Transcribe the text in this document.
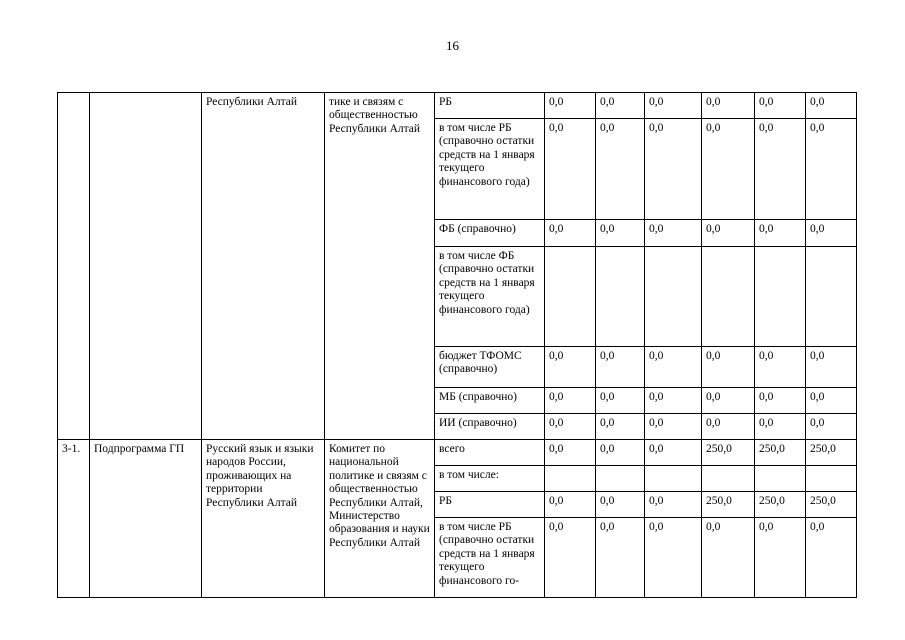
16
		Республики Алтай	тике и связям с общественностью Республики Алтай	РБ	0,0	0,0	0,0	0,0	0,0	0,0
				в том числе РБ (справочно остатки средств на 1 января текущего финансового года)	0,0	0,0	0,0	0,0	0,0	0,0
				ФБ (справочно)	0,0	0,0	0,0	0,0	0,0	0,0
				в том числе ФБ (справочно остатки средств на 1 января текущего финансового года)						
				бюджет ТФОМС (справочно)	0,0	0,0	0,0	0,0	0,0	0,0
				МБ (справочно)	0,0	0,0	0,0	0,0	0,0	0,0
				ИИ (справочно)	0,0	0,0	0,0	0,0	0,0	0,0
3-1.	Подпрограмма ГП	Русский язык и языки народов России, проживающих на территории Республики Алтай	Комитет по национальной политике и связям с общественностью Республики Алтай, Министерство образования и науки Республики Алтай	всего	0,0	0,0	0,0	250,0	250,0	250,0
				в том числе:						
				РБ	0,0	0,0	0,0	250,0	250,0	250,0
				в том числе РБ (справочно остатки средств на 1 января текущего финансового го-	0,0	0,0	0,0	0,0	0,0	0,0
